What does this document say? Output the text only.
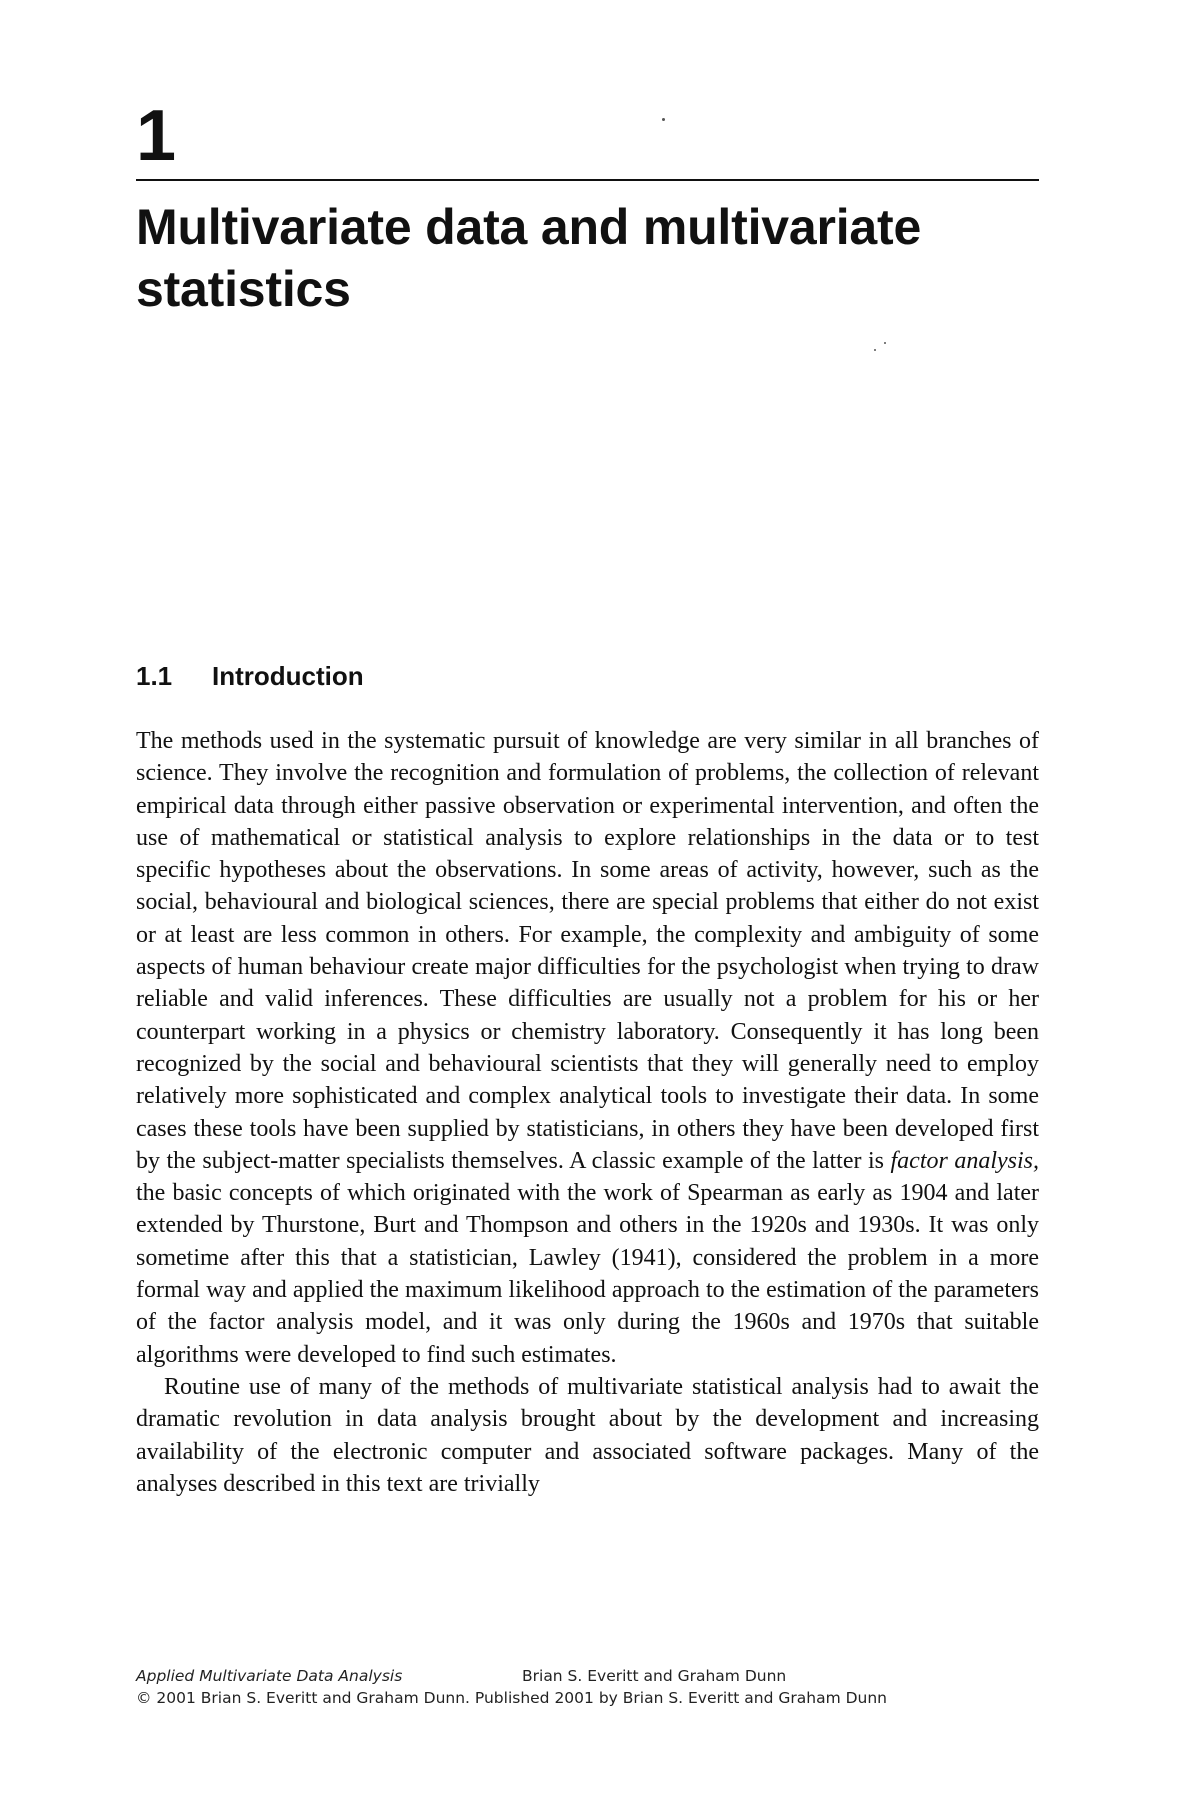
1
Multivariate data and multivariate statistics
1.1 Introduction

The methods used in the systematic pursuit of knowledge are very similar in all branches of science. They involve the recognition and formulation of problems, the collection of relevant empirical data through either passive observation or experimental intervention, and often the use of mathematical or statistical analysis to explore relationships in the data or to test specific hypotheses about the observations. In some areas of activity, however, such as the social, behavioural and biological sciences, there are special problems that either do not exist or at least are less common in others. For example, the complexity and ambiguity of some aspects of human behaviour create major difficulties for the psychologist when trying to draw reliable and valid inferences. These difficulties are usually not a problem for his or her counterpart working in a physics or chemistry laboratory. Consequently it has long been recognized by the social and behavioural scientists that they will generally need to employ relatively more sophisticated and complex analytical tools to investigate their data. In some cases these tools have been supplied by statisticians, in others they have been developed first by the subject-matter specialists themselves. A classic example of the latter is factor analysis, the basic concepts of which originated with the work of Spearman as early as 1904 and later extended by Thurstone, Burt and Thompson and others in the 1920s and 1930s. It was only sometime after this that a statistician, Lawley (1941), considered the problem in a more formal way and applied the maximum likelihood approach to the estimation of the parameters of the factor analysis model, and it was only during the 1960s and 1970s that suitable algorithms were developed to find such estimates.

Routine use of many of the methods of multivariate statistical analysis had to await the dramatic revolution in data analysis brought about by the development and increasing availability of the electronic computer and associated software packages. Many of the analyses described in this text are trivially

Applied Multivariate Data Analysis	Brian S. Everitt and Graham Dunn
© 2001 Brian S. Everitt and Graham Dunn. Published 2001 by Brian S. Everitt and Graham Dunn
